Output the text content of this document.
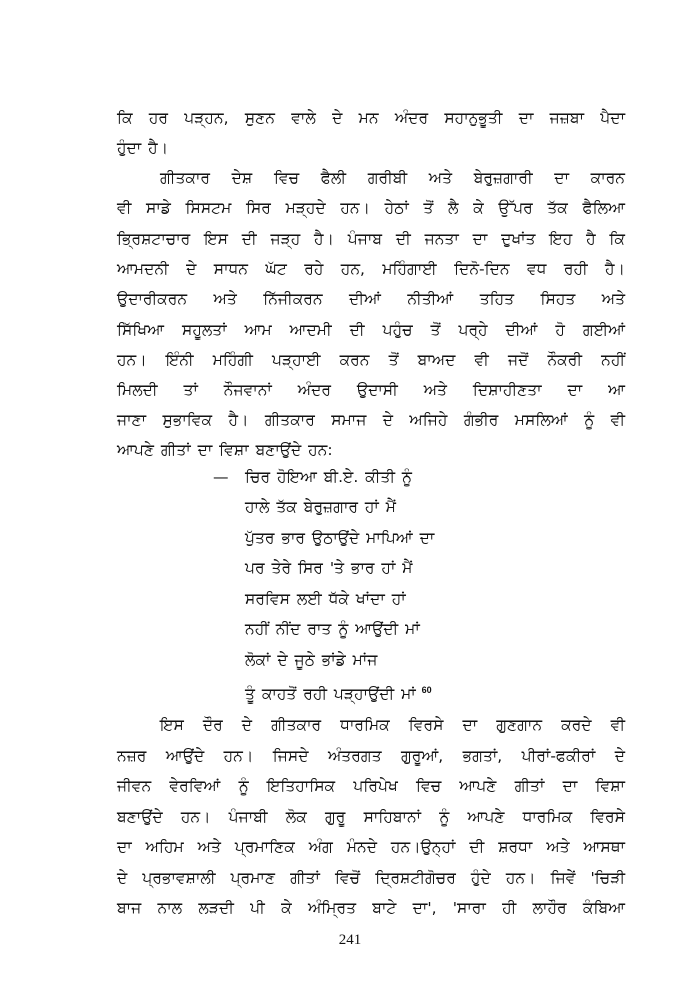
ਕਿ ਹਰ ਪੜ੍ਹਨ, ਸੁਣਨ ਵਾਲੇ ਦੇ ਮਨ ਅੰਦਰ ਸਹਾਨੁਭੂਤੀ ਦਾ ਜਜ਼ਬਾ ਪੈਦਾ
ਹੁੰਦਾ ਹੈ।
ਗੀਤਕਾਰ ਦੇਸ਼ ਵਿਚ ਫੈਲੀ ਗਰੀਬੀ ਅਤੇ ਬੇਰੁਜ਼ਗਾਰੀ ਦਾ ਕਾਰਨ
ਵੀ ਸਾਡੇ ਸਿਸਟਮ ਸਿਰ ਮੜ੍ਹਦੇ ਹਨ। ਹੇਠਾਂ ਤੋਂ ਲੈ ਕੇ ਉੱਪਰ ਤੱਕ ਫੈਲਿਆ
ਭ੍ਰਿਸ਼ਟਾਚਾਰ ਇਸ ਦੀ ਜੜ੍ਹ ਹੈ। ਪੰਜਾਬ ਦੀ ਜਨਤਾ ਦਾ ਦੁਖਾਂਤ ਇਹ ਹੈ ਕਿ
ਆਮਦਨੀ ਦੇ ਸਾਧਨ ਘੱਟ ਰਹੇ ਹਨ, ਮਹਿੰਗਾਈ ਦਿਨੋ-ਦਿਨ ਵਧ ਰਹੀ ਹੈ।
ਉਦਾਰੀਕਰਨ ਅਤੇ ਨਿੱਜੀਕਰਨ ਦੀਆਂ ਨੀਤੀਆਂ ਤਹਿਤ ਸਿਹਤ ਅਤੇ
ਸਿੱਖਿਆ ਸਹੂਲਤਾਂ ਆਮ ਆਦਮੀ ਦੀ ਪਹੁੰਚ ਤੋਂ ਪਰ੍ਹੇ ਦੀਆਂ ਹੋ ਗਈਆਂ
ਹਨ। ਇੰਨੀ ਮਹਿੰਗੀ ਪੜ੍ਹਾਈ ਕਰਨ ਤੋਂ ਬਾਅਦ ਵੀ ਜਦੋਂ ਨੌਕਰੀ ਨਹੀਂ
ਮਿਲਦੀ ਤਾਂ ਨੌਜਵਾਨਾਂ ਅੰਦਰ ਉਦਾਸੀ ਅਤੇ ਦਿਸ਼ਾਹੀਣਤਾ ਦਾ ਆ
ਜਾਣਾ ਸੁਭਾਵਿਕ ਹੈ। ਗੀਤਕਾਰ ਸਮਾਜ ਦੇ ਅਜਿਹੇ ਗੰਭੀਰ ਮਸਲਿਆਂ ਨੂੰ ਵੀ
ਆਪਣੇ ਗੀਤਾਂ ਦਾ ਵਿਸ਼ਾ ਬਣਾਉਂਦੇ ਹਨ:
— ਚਿਰ ਹੋਇਆ ਬੀ.ਏ. ਕੀਤੀ ਨੂੰ
ਹਾਲੇ ਤੱਕ ਬੇਰੁਜ਼ਗਾਰ ਹਾਂ ਮੈਂ
ਪੁੱਤਰ ਭਾਰ ਉਠਾਉਂਦੇ ਮਾਪਿਆਂ ਦਾ
ਪਰ ਤੇਰੇ ਸਿਰ 'ਤੇ ਭਾਰ ਹਾਂ ਮੈਂ
ਸਰਵਿਸ ਲਈ ਧੱਕੇ ਖਾਂਦਾ ਹਾਂ
ਨਹੀਂ ਨੀਂਦ ਰਾਤ ਨੂੰ ਆਉਂਦੀ ਮਾਂ
ਲੋਕਾਂ ਦੇ ਜੂਠੇ ਭਾਂਡੇ ਮਾਂਜ
ਤੂੰ ਕਾਹਤੋਂ ਰਹੀ ਪੜ੍ਹਾਉਂਦੀ ਮਾਂ $^{60}$
ਇਸ ਦੌਰ ਦੇ ਗੀਤਕਾਰ ਧਾਰਮਿਕ ਵਿਰਸੇ ਦਾ ਗੁਣਗਾਨ ਕਰਦੇ ਵੀ
ਨਜ਼ਰ ਆਉਂਦੇ ਹਨ। ਜਿਸਦੇ ਅੰਤਰਗਤ ਗੁਰੂਆਂ, ਭਗਤਾਂ, ਪੀਰਾਂ-ਫਕੀਰਾਂ ਦੇ
ਜੀਵਨ ਵੇਰਵਿਆਂ ਨੂੰ ਇਤਿਹਾਸਿਕ ਪਰਿਪੇਖ ਵਿਚ ਆਪਣੇ ਗੀਤਾਂ ਦਾ ਵਿਸ਼ਾ
ਬਣਾਉਂਦੇ ਹਨ। ਪੰਜਾਬੀ ਲੋਕ ਗੁਰੂ ਸਾਹਿਬਾਨਾਂ ਨੂੰ ਆਪਣੇ ਧਾਰਮਿਕ ਵਿਰਸੇ
ਦਾ ਅਹਿਮ ਅਤੇ ਪ੍ਰਮਾਣਿਕ ਅੰਗ ਮੰਨਦੇ ਹਨ।ਉਨ੍ਹਾਂ ਦੀ ਸ਼ਰਧਾ ਅਤੇ ਆਸਥਾ
ਦੇ ਪ੍ਰਭਾਵਸ਼ਾਲੀ ਪ੍ਰਮਾਣ ਗੀਤਾਂ ਵਿਚੋਂ ਦ੍ਰਿਸ਼ਟੀਗੋਚਰ ਹੁੰਦੇ ਹਨ। ਜਿਵੇਂ 'ਚਿੜੀ
ਬਾਜ ਨਾਲ ਲੜਦੀ ਪੀ ਕੇ ਅੰਮ੍ਰਿਤ ਬਾਟੇ ਦਾ', 'ਸਾਰਾ ਹੀ ਲਾਹੌਰ ਕੰਬਿਆ
241
